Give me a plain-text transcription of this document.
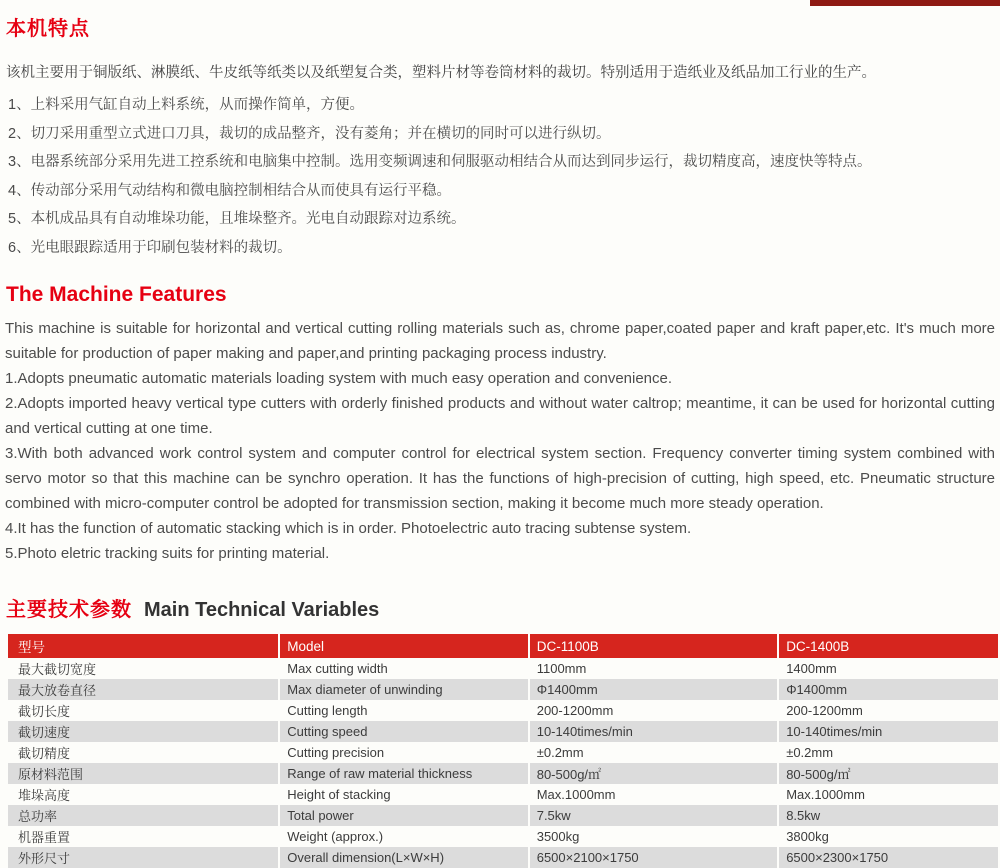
本机特点

该机主要用于铜版纸、淋膜纸、牛皮纸等纸类以及纸塑复合类，塑料片材等卷筒材料的裁切。特别适用于造纸业及纸品加工行业的生产。

1、上料采用气缸自动上料系统，从而操作简单，方便。
2、切刀采用重型立式进口刀具，裁切的成品整齐，没有菱角；并在横切的同时可以进行纵切。
3、电器系统部分采用先进工控系统和电脑集中控制。选用变频调速和伺服驱动相结合从而达到同步运行，裁切精度高，速度快等特点。
4、传动部分采用气动结构和微电脑控制相结合从而使具有运行平稳。
5、本机成品具有自动堆垛功能，且堆垛整齐。光电自动跟踪对边系统。
6、光电眼跟踪适用于印刷包装材料的裁切。
The Machine Features

This machine is suitable for horizontal and vertical cutting rolling materials such as, chrome paper,coated paper and kraft paper,etc. It's much more suitable for production of paper making and paper,and printing packaging process industry.

1.Adopts pneumatic automatic materials loading system with much easy operation and convenience.

2.Adopts imported heavy vertical type cutters with orderly finished products and without water caltrop; meantime, it can be used for horizontal cutting and vertical cutting at one time.

3.With both advanced work control system and computer control for electrical system section. Frequency converter timing system combined with servo motor so that this machine can be synchro operation. It has the functions of high-precision of cutting, high speed, etc. Pneumatic structure combined with micro-computer control be adopted for transmission section, making it become much more steady operation.

4.It has the function of automatic stacking which is in order. Photoelectric auto tracing subtense system.

5.Photo eletric tracking suits for printing material.

主要技术参数 Main Technical Variables
型号	Model	DC-1100B	DC-1400B
最大截切宽度	Max cutting width	1100mm	1400mm
最大放卷直径	Max diameter of unwinding	Φ1400mm	Φ1400mm
截切长度	Cutting length	200-1200mm	200-1200mm
截切速度	Cutting speed	10-140times/min	10-140times/min
截切精度	Cutting precision	±0.2mm	±0.2mm
原材料范围	Range of raw material thickness	80-500g/㎡	80-500g/㎡
堆垛高度	Height of stacking	Max.1000mm	Max.1000mm
总功率	Total power	7.5kw	8.5kw
机器重置	Weight (approx.)	3500kg	3800kg
外形尺寸	Overall dimension(L×W×H)	6500×2100×1750	6500×2300×1750
